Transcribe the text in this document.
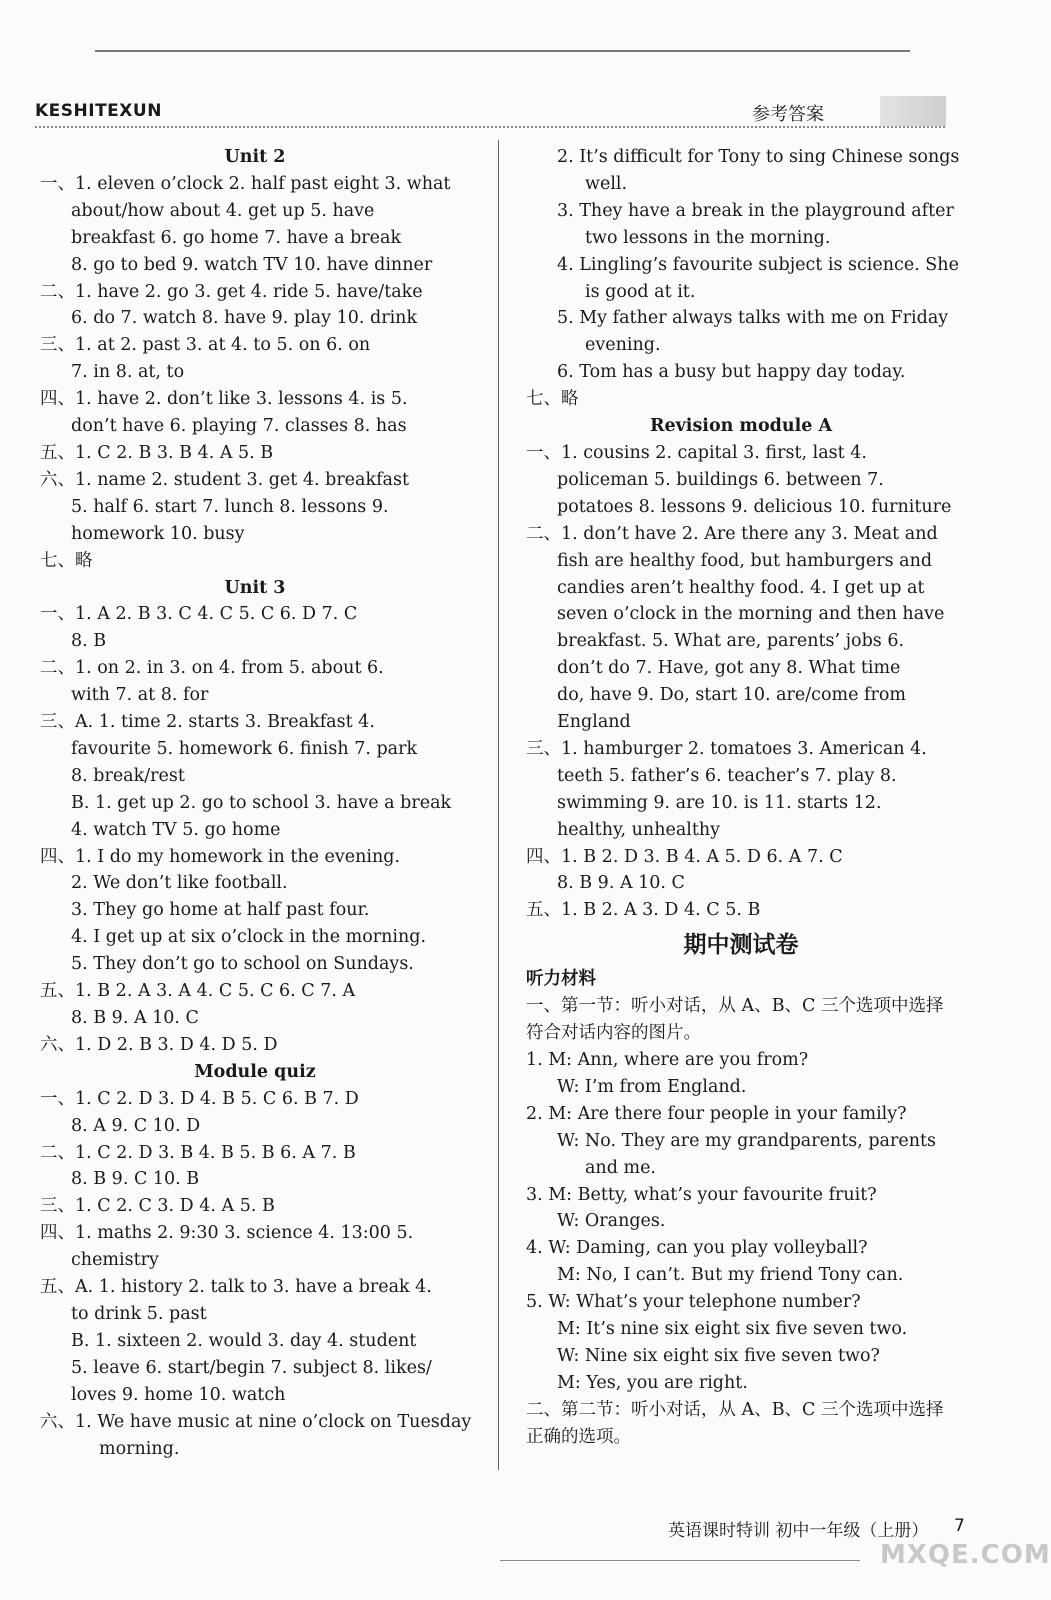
KESHITEXUN	参考答案
Unit 2
一、1. eleven o’clock 2. half past eight 3. what
about/how about 4. get up 5. have
breakfast 6. go home 7. have a break
8. go to bed 9. watch TV 10. have dinner
二、1. have 2. go 3. get 4. ride 5. have/take
6. do 7. watch 8. have 9. play 10. drink
三、1. at 2. past 3. at 4. to 5. on 6. on
7. in 8. at, to
四、1. have 2. don’t like 3. lessons 4. is 5.
don’t have 6. playing 7. classes 8. has
五、1. C 2. B 3. B 4. A 5. B
六、1. name 2. student 3. get 4. breakfast
5. half 6. start 7. lunch 8. lessons 9.
homework 10. busy
七、略
Unit 3
一、1. A 2. B 3. C 4. C 5. C 6. D 7. C
8. B
二、1. on 2. in 3. on 4. from 5. about 6.
with 7. at 8. for
三、A. 1. time 2. starts 3. Breakfast 4.
favourite 5. homework 6. finish 7. park
8. break/rest
B. 1. get up 2. go to school 3. have a break
4. watch TV 5. go home
四、1. I do my homework in the evening.
2. We don’t like football.
3. They go home at half past four.
4. I get up at six o’clock in the morning.
5. They don’t go to school on Sundays.
五、1. B 2. A 3. A 4. C 5. C 6. C 7. A
8. B 9. A 10. C
六、1. D 2. B 3. D 4. D 5. D
Module quiz
一、1. C 2. D 3. D 4. B 5. C 6. B 7. D
8. A 9. C 10. D
二、1. C 2. D 3. B 4. B 5. B 6. A 7. B
8. B 9. C 10. B
三、1. C 2. C 3. D 4. A 5. B
四、1. maths 2. 9:30 3. science 4. 13:00 5.
chemistry
五、A. 1. history 2. talk to 3. have a break 4.
to drink 5. past
B. 1. sixteen 2. would 3. day 4. student
5. leave 6. start/begin 7. subject 8. likes/
loves 9. home 10. watch
六、1. We have music at nine o’clock on Tuesday
morning.
2. It’s difficult for Tony to sing Chinese songs
well.
3. They have a break in the playground after
two lessons in the morning.
4. Lingling’s favourite subject is science. She
is good at it.
5. My father always talks with me on Friday
evening.
6. Tom has a busy but happy day today.
七、略
Revision module A
一、1. cousins 2. capital 3. first, last 4.
policeman 5. buildings 6. between 7.
potatoes 8. lessons 9. delicious 10. furniture
二、1. don’t have 2. Are there any 3. Meat and
fish are healthy food, but hamburgers and
candies aren’t healthy food. 4. I get up at
seven o’clock in the morning and then have
breakfast. 5. What are, parents’ jobs 6.
don’t do 7. Have, got any 8. What time
do, have 9. Do, start 10. are/come from
England
三、1. hamburger 2. tomatoes 3. American 4.
teeth 5. father’s 6. teacher’s 7. play 8.
swimming 9. are 10. is 11. starts 12.
healthy, unhealthy
四、1. B 2. D 3. B 4. A 5. D 6. A 7. C
8. B 9. A 10. C
五、1. B 2. A 3. D 4. C 5. B
期中测试卷
听力材料
一、第一节：听小对话，从 A、B、C 三个选项中选择
符合对话内容的图片。
1. M: Ann, where are you from?
W: I’m from England.
2. M: Are there four people in your family?
W: No. They are my grandparents, parents
and me.
3. M: Betty, what’s your favourite fruit?
W: Oranges.
4. W: Daming, can you play volleyball?
M: No, I can’t. But my friend Tony can.
5. W: What’s your telephone number?
M: It’s nine six eight six five seven two.
W: Nine six eight six five seven two?
M: Yes, you are right.
二、第二节：听小对话，从 A、B、C 三个选项中选择
正确的选项。
英语课时特训 初中一年级（上册） 7
MXQE.COM
